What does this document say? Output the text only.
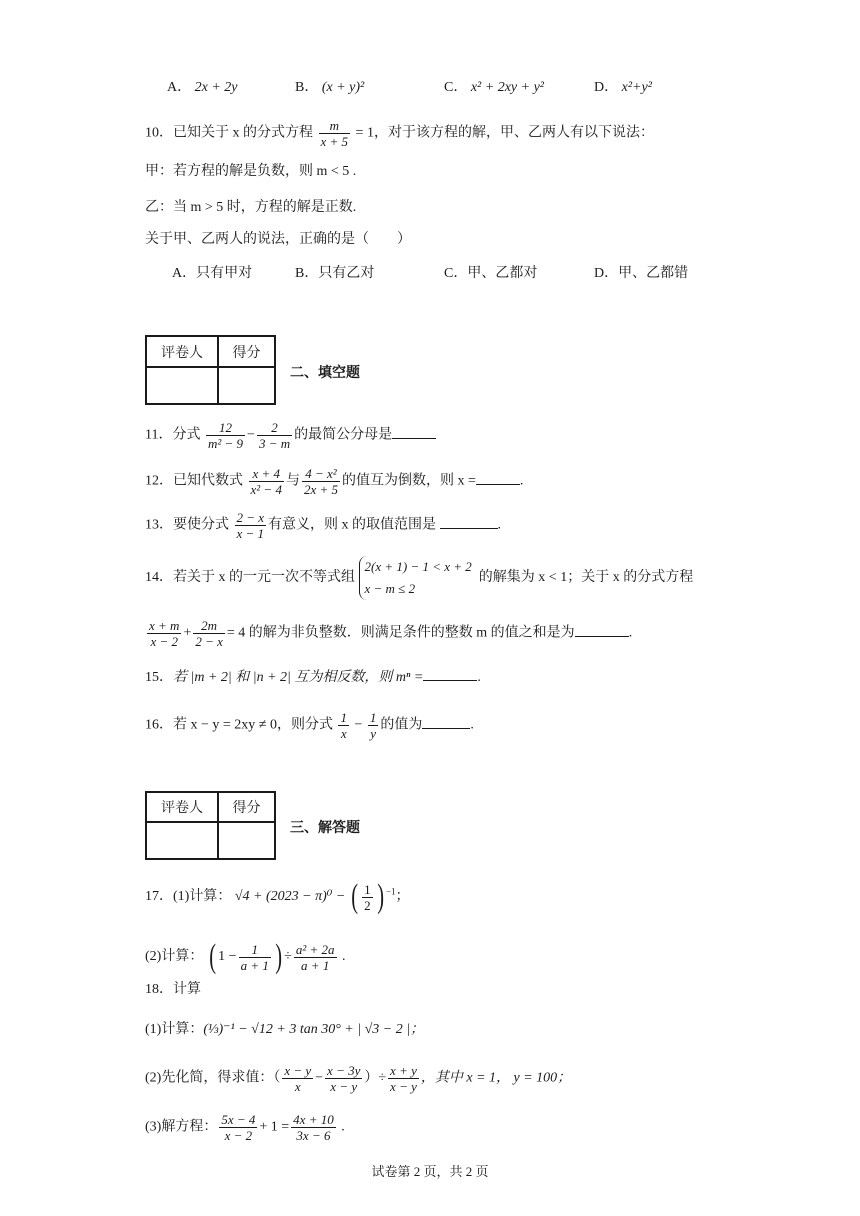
A． 2x + 2y	B． (x + y)²	C． x² + 2xy + y²	D． x²+y²
10．已知关于 x 的分式方程 $\frac{m}{x + 5} = 1$，对于该方程的解，甲、乙两人有以下说法：
甲：若方程的解是负数，则 m < 5 .
乙：当 m > 5 时，方程的解是正数.
关于甲、乙两人的说法，正确的是（　　）
A．只有甲对	B．只有乙对	C．甲、乙都对	D．甲、乙都错
评卷人	得分

二、填空题
11．分式 $\frac{12}{\text{m² − 9}} - \frac{2}{3 - m}$ 的最简公分母是
12．已知代数式 $\frac{x + 4}{\text{x² − 4}}$ 与 $\frac{\text{4 − x²}}{2x + 5}$ 的值互为倒数，则 x =	.
13．要使分式 $\frac{2 - x}{x - 1}$ 有意义，则 x 的取值范围是	.
14．若关于 x 的一元一次不等式组
2(x + 1) − 1 < x + 2
x − m ≤ 2
的解集为 x < 1；关于 x 的分式方程
$\frac{x + m}{x - 2} + \frac{2m}{2 - x} = 4$ 的解为非负整数．则满足条件的整数 m 的值之和是为	.
15．若 |m + 2| 和 |n + 2| 互为相反数，则 mⁿ =	.
16．若 x − y = 2xy ≠ 0，则分式 $\frac{1}{x} - \frac{1}{y}$ 的值为	.
评卷人	得分

三、解答题
17．(1)计算： √4 + (2023 − π)⁰ − ( $\frac{1}{2}$ ) $^{-1}$；
(2)计算： ( $1 - \frac{1}{a + 1}$ ) ÷ $\frac{\text{a² + 2a}}{a + 1}$ .
18．计算
(1)计算：(⅓)⁻¹ − √12 + 3 tan 30° + | √3 − 2 |；
(2)先化简，得求值：（ $\frac{x - y}{x} - \frac{x - 3y}{x - y}$ ）÷ $\frac{x + y}{x - y}$ ，其中 x = 1， y = 100；
(3)解方程： $\frac{5x - 4}{x - 2} + 1 = \frac{4x + 10}{3x - 6}$ .
试卷第 2 页，共 2 页
